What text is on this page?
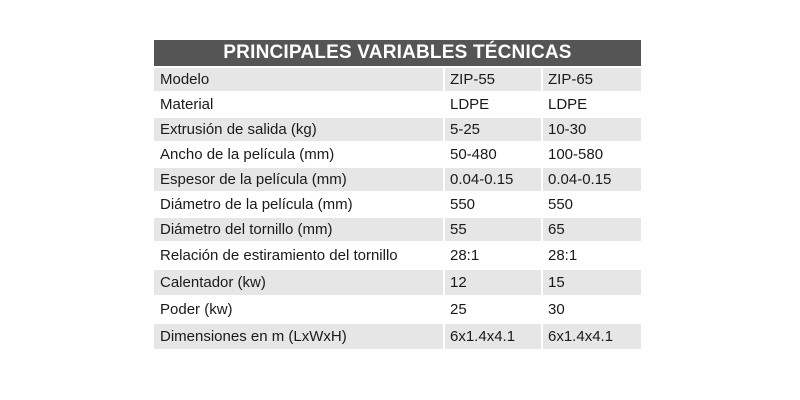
PRINCIPALES VARIABLES TÉCNICAS
Modelo	ZIP-55	ZIP-65
Material	LDPE	LDPE
Extrusión de salida (kg)	5-25	10-30
Ancho de la película (mm)	50-480	100-580
Espesor de la película (mm)	0.04-0.15	0.04-0.15
Diámetro de la película (mm)	550	550
Diámetro del tornillo (mm)	55	65
Relación de estiramiento del tornillo	28:1	28:1
Calentador (kw)	12	15
Poder (kw)	25	30
Dimensiones en m (LxWxH)	6x1.4x4.1	6x1.4x4.1
